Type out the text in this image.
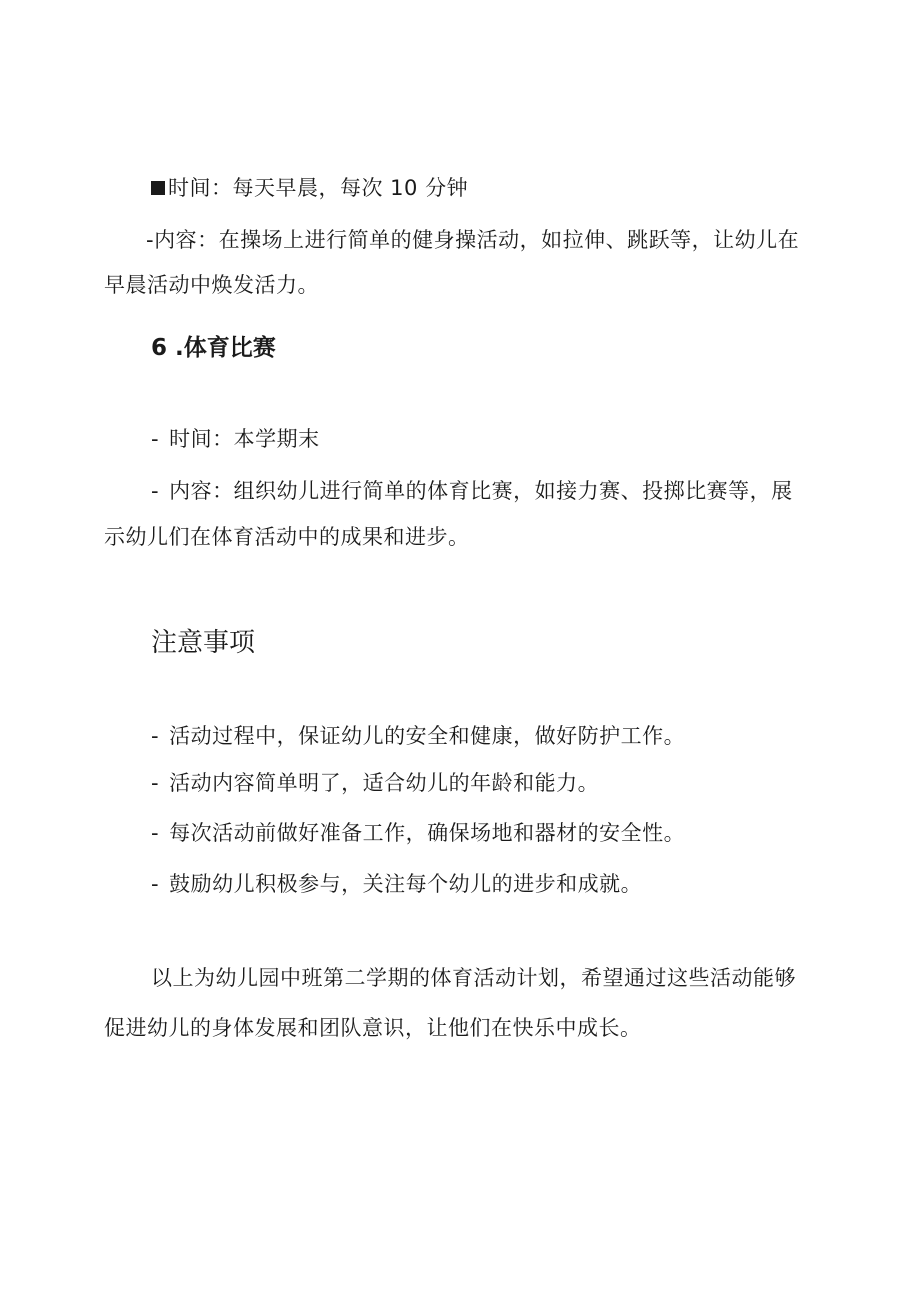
时间：每天早晨，每次 10 分钟
-内容：在操场上进行简单的健身操活动，如拉伸、跳跃等，让幼儿在
早晨活动中焕发活力。
6 .体育比赛
- 时间：本学期末
- 内容：组织幼儿进行简单的体育比赛，如接力赛、投掷比赛等，展
示幼儿们在体育活动中的成果和进步。
注意事项
- 活动过程中，保证幼儿的安全和健康，做好防护工作。
- 活动内容简单明了，适合幼儿的年龄和能力。
- 每次活动前做好准备工作，确保场地和器材的安全性。
- 鼓励幼儿积极参与，关注每个幼儿的进步和成就。
以上为幼儿园中班第二学期的体育活动计划，希望通过这些活动能够
促进幼儿的身体发展和团队意识，让他们在快乐中成长。
